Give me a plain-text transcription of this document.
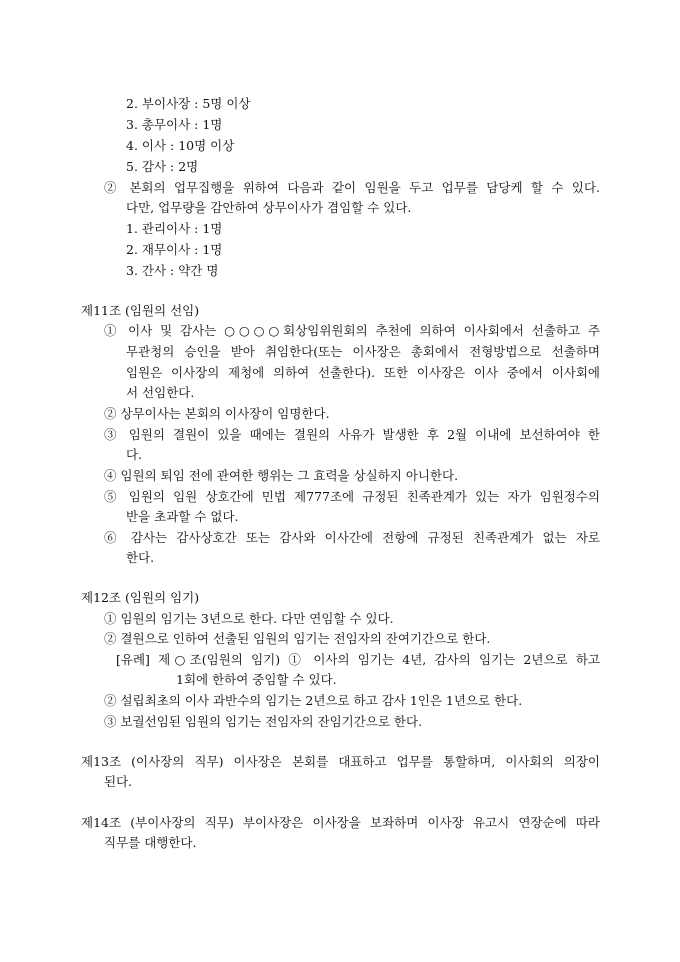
2. 부이사장 : 5명 이상
3. 총무이사 : 1명
4. 이사 : 10명 이상
5. 감사 : 2명
② 본회의 업무집행을 위하여 다음과 같이 임원을 두고 업무를 담당케 할 수 있다.
다만, 업무량을 감안하여 상무이사가 겸임할 수 있다.
1. 관리이사 : 1명
2. 재무이사 : 1명
3. 간사 : 약간 명
제11조 (임원의 선임)
① 이사 및 감사는 ○○○○회상임위원회의 추천에 의하여 이사회에서 선출하고 주
무관청의 승인을 받아 취임한다(또는 이사장은 총회에서 전형방법으로 선출하며
임원은 이사장의 제청에 의하여 선출한다). 또한 이사장은 이사 중에서 이사회에
서 선임한다.
② 상무이사는 본회의 이사장이 임명한다.
③ 임원의 결원이 있을 때에는 결원의 사유가 발생한 후 2월 이내에 보선하여야 한
다.
④ 임원의 퇴임 전에 관여한 행위는 그 효력을 상실하지 아니한다.
⑤ 임원의 임원 상호간에 민법 제777조에 규정된 친족관계가 있는 자가 임원정수의
반을 초과할 수 없다.
⑥ 감사는 감사상호간 또는 감사와 이사간에 전항에 규정된 친족관계가 없는 자로
한다.
제12조 (임원의 임기)
① 임원의 임기는 3년으로 한다. 다만 연임할 수 있다.
② 결원으로 인하여 선출된 임원의 임기는 전임자의 잔여기간으로 한다.
[유례] 제○조(임원의 임기) ① 이사의 임기는 4년, 감사의 임기는 2년으로 하고
1회에 한하여 중임할 수 있다.
② 설립최초의 이사 과반수의 임기는 2년으로 하고 감사 1인은 1년으로 한다.
③ 보궐선임된 임원의 임기는 전임자의 잔임기간으로 한다.
제13조 (이사장의 직무) 이사장은 본회를 대표하고 업무를 통할하며, 이사회의 의장이
된다.
제14조 (부이사장의 직무) 부이사장은 이사장을 보좌하며 이사장 유고시 연장순에 따라
직무를 대행한다.
